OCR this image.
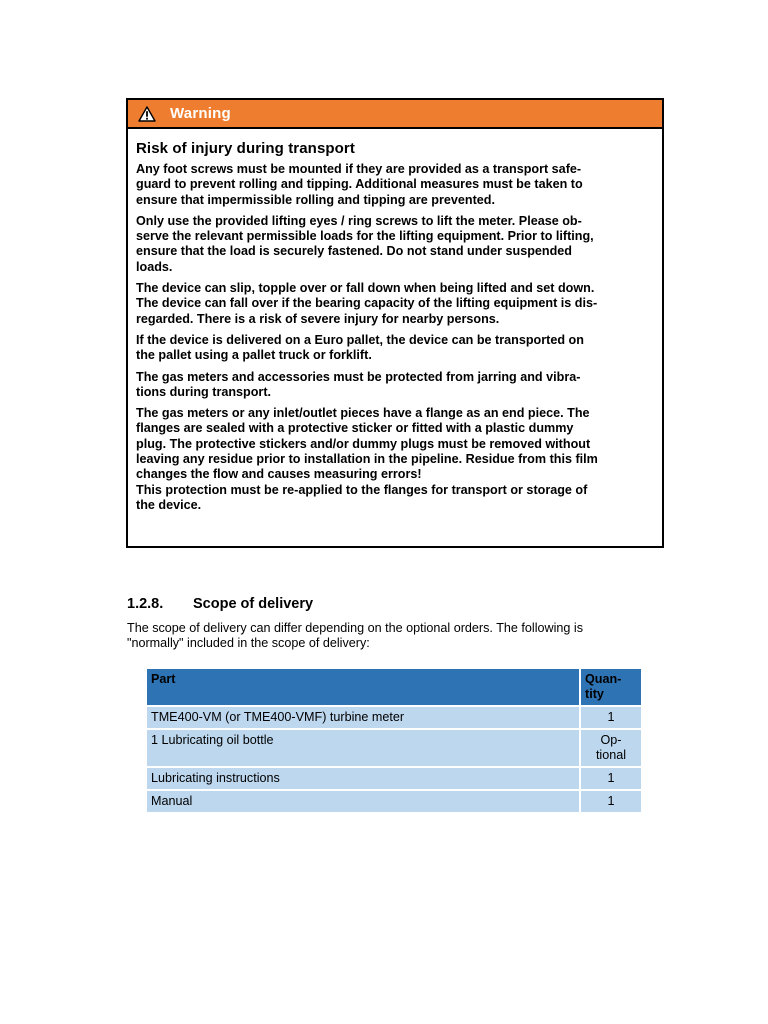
Warning
Risk of injury during transport

Any foot screws must be mounted if they are provided as a transport safe-
guard to prevent rolling and tipping. Additional measures must be taken to
ensure that impermissible rolling and tipping are prevented.

Only use the provided lifting eyes / ring screws to lift the meter. Please ob-
serve the relevant permissible loads for the lifting equipment. Prior to lifting,
ensure that the load is securely fastened. Do not stand under suspended
loads.

The device can slip, topple over or fall down when being lifted and set down.
The device can fall over if the bearing capacity of the lifting equipment is dis-
regarded. There is a risk of severe injury for nearby persons.

If the device is delivered on a Euro pallet, the device can be transported on
the pallet using a pallet truck or forklift.

The gas meters and accessories must be protected from jarring and vibra-
tions during transport.

The gas meters or any inlet/outlet pieces have a flange as an end piece. The
flanges are sealed with a protective sticker or fitted with a plastic dummy
plug. The protective stickers and/or dummy plugs must be removed without
leaving any residue prior to installation in the pipeline. Residue from this film
changes the flow and causes measuring errors!
This protection must be re-applied to the flanges for transport or storage of
the device.

1.2.8.	Scope of delivery
The scope of delivery can differ depending on the optional orders. The following is
"normally" included in the scope of delivery:
Part	Quan-
tity
TME400-VM (or TME400-VMF) turbine meter	1
1 Lubricating oil bottle	Op-
tional
Lubricating instructions	1
Manual	1
